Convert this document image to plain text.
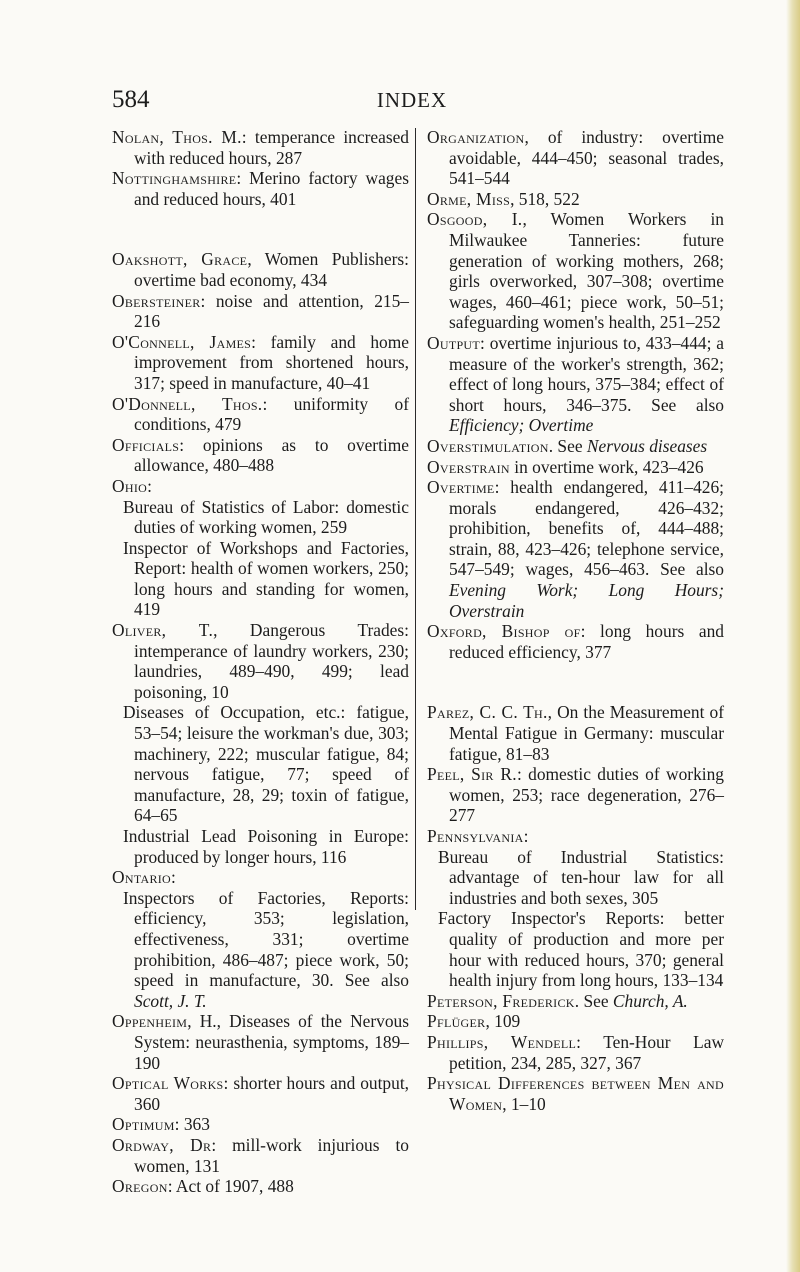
584	INDEX

Nolan, Thos. M.: temperance increased with reduced hours, 287

Nottinghamshire: Merino factory wages and reduced hours, 401

Oakshott, Grace, Women Publishers: overtime bad economy, 434

Obersteiner: noise and attention, 215–216

O'Connell, James: family and home improvement from shortened hours, 317; speed in manufacture, 40–41

O'Donnell, Thos.: uniformity of conditions, 479

Officials: opinions as to overtime allowance, 480–488

Ohio:

Bureau of Statistics of Labor: domestic duties of working women, 259

Inspector of Workshops and Factories, Report: health of women workers, 250; long hours and standing for women, 419

Oliver, T., Dangerous Trades: intemperance of laundry workers, 230; laundries, 489–490, 499; lead poisoning, 10

Diseases of Occupation, etc.: fatigue, 53–54; leisure the workman's due, 303; machinery, 222; muscular fatigue, 84; nervous fatigue, 77; speed of manufacture, 28, 29; toxin of fatigue, 64–65

Industrial Lead Poisoning in Europe: produced by longer hours, 116

Ontario:

Inspectors of Factories, Reports: efficiency, 353; legislation, effectiveness, 331; overtime prohibition, 486–487; piece work, 50; speed in manufacture, 30. See also Scott, J. T.

Oppenheim, H., Diseases of the Nervous System: neurasthenia, symptoms, 189–190

Optical Works: shorter hours and output, 360

Optimum: 363

Ordway, Dr: mill-work injurious to women, 131

Oregon: Act of 1907, 488

Organization, of industry: overtime avoidable, 444–450; seasonal trades, 541–544

Orme, Miss, 518, 522

Osgood, I., Women Workers in Milwaukee Tanneries: future generation of working mothers, 268; girls overworked, 307–308; overtime wages, 460–461; piece work, 50–51; safeguarding women's health, 251–252

Output: overtime injurious to, 433–444; a measure of the worker's strength, 362; effect of long hours, 375–384; effect of short hours, 346–375. See also Efficiency; Overtime

Overstimulation. See Nervous diseases

Overstrain in overtime work, 423–426

Overtime: health endangered, 411–426; morals endangered, 426–432; prohibition, benefits of, 444–488; strain, 88, 423–426; telephone service, 547–549; wages, 456–463. See also Evening Work; Long Hours; Overstrain

Oxford, Bishop of: long hours and reduced efficiency, 377

Parez, C. C. Th., On the Measurement of Mental Fatigue in Germany: muscular fatigue, 81–83

Peel, Sir R.: domestic duties of working women, 253; race degeneration, 276–277

Pennsylvania:

Bureau of Industrial Statistics: advantage of ten-hour law for all industries and both sexes, 305

Factory Inspector's Reports: better quality of production and more per hour with reduced hours, 370; general health injury from long hours, 133–134

Peterson, Frederick. See Church, A.

Pflüger, 109

Phillips, Wendell: Ten-Hour Law petition, 234, 285, 327, 367

Physical Differences between Men and Women, 1–10
